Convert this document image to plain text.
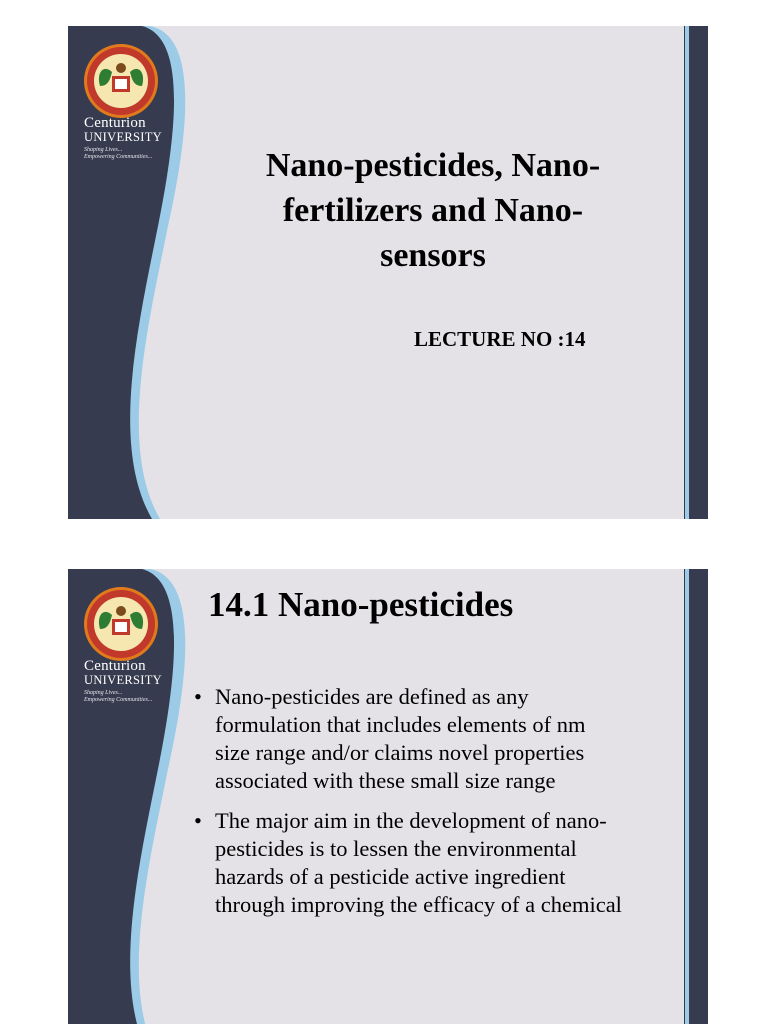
Centurion
UNIVERSITY
Shaping Lives...
Empowering Communities...	Nano-pesticides, Nano-
fertilizers and Nano-
sensors
LECTURE NO :14
Centurion
UNIVERSITY
Shaping Lives...
Empowering Communities...
14.1 Nano-pesticides
• Nano-pesticides are defined as any
formulation that includes elements of nm
size range and/or claims novel properties
associated with these small size range
• The major aim in the development of nano-
pesticides is to lessen the environmental
hazards of a pesticide active ingredient
through improving the efficacy of a chemical
